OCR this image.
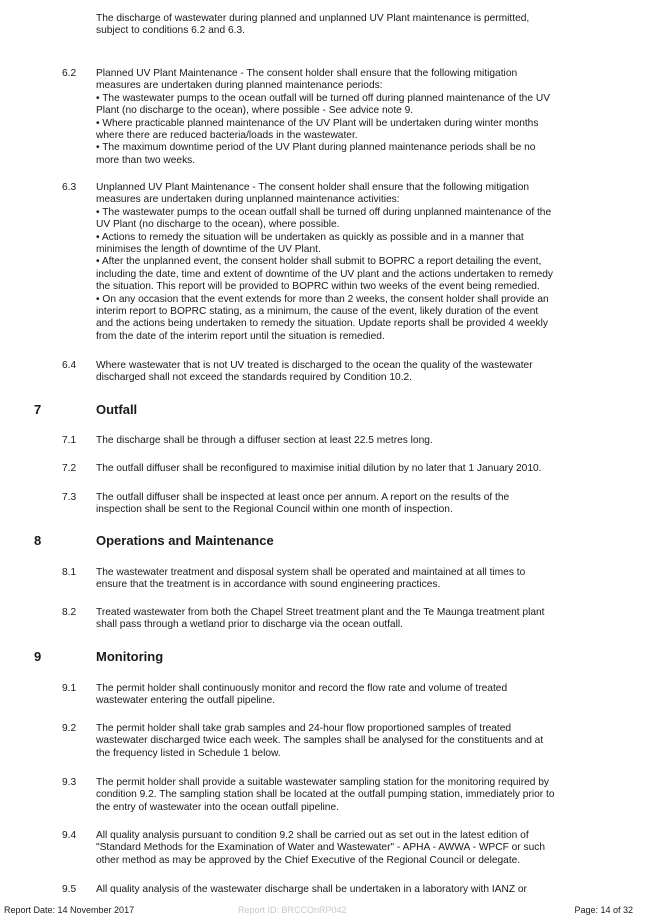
The discharge of wastewater during planned and unplanned UV Plant maintenance is permitted,
subject to conditions 6.2 and 6.3.
6.2 Planned UV Plant Maintenance - The consent holder shall ensure that the following mitigation
measures are undertaken during planned maintenance periods:
• The wastewater pumps to the ocean outfall will be turned off during planned maintenance of the UV
Plant (no discharge to the ocean), where possible - See advice note 9.
• Where practicable planned maintenance of the UV Plant will be undertaken during winter months
where there are reduced bacteria/loads in the wastewater.
• The maximum downtime period of the UV Plant during planned maintenance periods shall be no
more than two weeks.
6.3 Unplanned UV Plant Maintenance - The consent holder shall ensure that the following mitigation
measures are undertaken during unplanned maintenance activities:
• The wastewater pumps to the ocean outfall shall be turned off during unplanned maintenance of the
UV Plant (no discharge to the ocean), where possible.
• Actions to remedy the situation will be undertaken as quickly as possible and in a manner that
minimises the length of downtime of the UV Plant.
• After the unplanned event, the consent holder shall submit to BOPRC a report detailing the event,
including the date, time and extent of downtime of the UV plant and the actions undertaken to remedy
the situation. This report will be provided to BOPRC within two weeks of the event being remedied.
• On any occasion that the event extends for more than 2 weeks, the consent holder shall provide an
interim report to BOPRC stating, as a minimum, the cause of the event, likely duration of the event
and the actions being undertaken to remedy the situation. Update reports shall be provided 4 weekly
from the date of the interim report until the situation is remedied.
6.4 Where wastewater that is not UV treated is discharged to the ocean the quality of the wastewater
discharged shall not exceed the standards required by Condition 10.2.
7	Outfall
7.1 The discharge shall be through a diffuser section at least 22.5 metres long.
7.2 The outfall diffuser shall be reconfigured to maximise initial dilution by no later that 1 January 2010.
7.3 The outfall diffuser shall be inspected at least once per annum. A report on the results of the
inspection shall be sent to the Regional Council within one month of inspection.
8	Operations and Maintenance
8.1 The wastewater treatment and disposal system shall be operated and maintained at all times to
ensure that the treatment is in accordance with sound engineering practices.
8.2 Treated wastewater from both the Chapel Street treatment plant and the Te Maunga treatment plant
shall pass through a wetland prior to discharge via the ocean outfall.
9	Monitoring
9.1 The permit holder shall continuously monitor and record the flow rate and volume of treated
wastewater entering the outfall pipeline.
9.2 The permit holder shall take grab samples and 24-hour flow proportioned samples of treated
wastewater discharged twice each week. The samples shall be analysed for the constituents and at
the frequency listed in Schedule 1 below.
9.3 The permit holder shall provide a suitable wastewater sampling station for the monitoring required by
condition 9.2. The sampling station shall be located at the outfall pumping station, immediately prior to
the entry of wastewater into the ocean outfall pipeline.
9.4 All quality analysis pursuant to condition 9.2 shall be carried out as set out in the latest edition of
"Standard Methods for the Examination of Water and Wastewater" - APHA - AWWA - WPCF or such
other method as may be approved by the Chief Executive of the Regional Council or delegate.
9.5 All quality analysis of the wastewater discharge shall be undertaken in a laboratory with IANZ or
Report Date: 14 November 2017	Report ID: BRCCOnRP042	Page: 14 of 32
